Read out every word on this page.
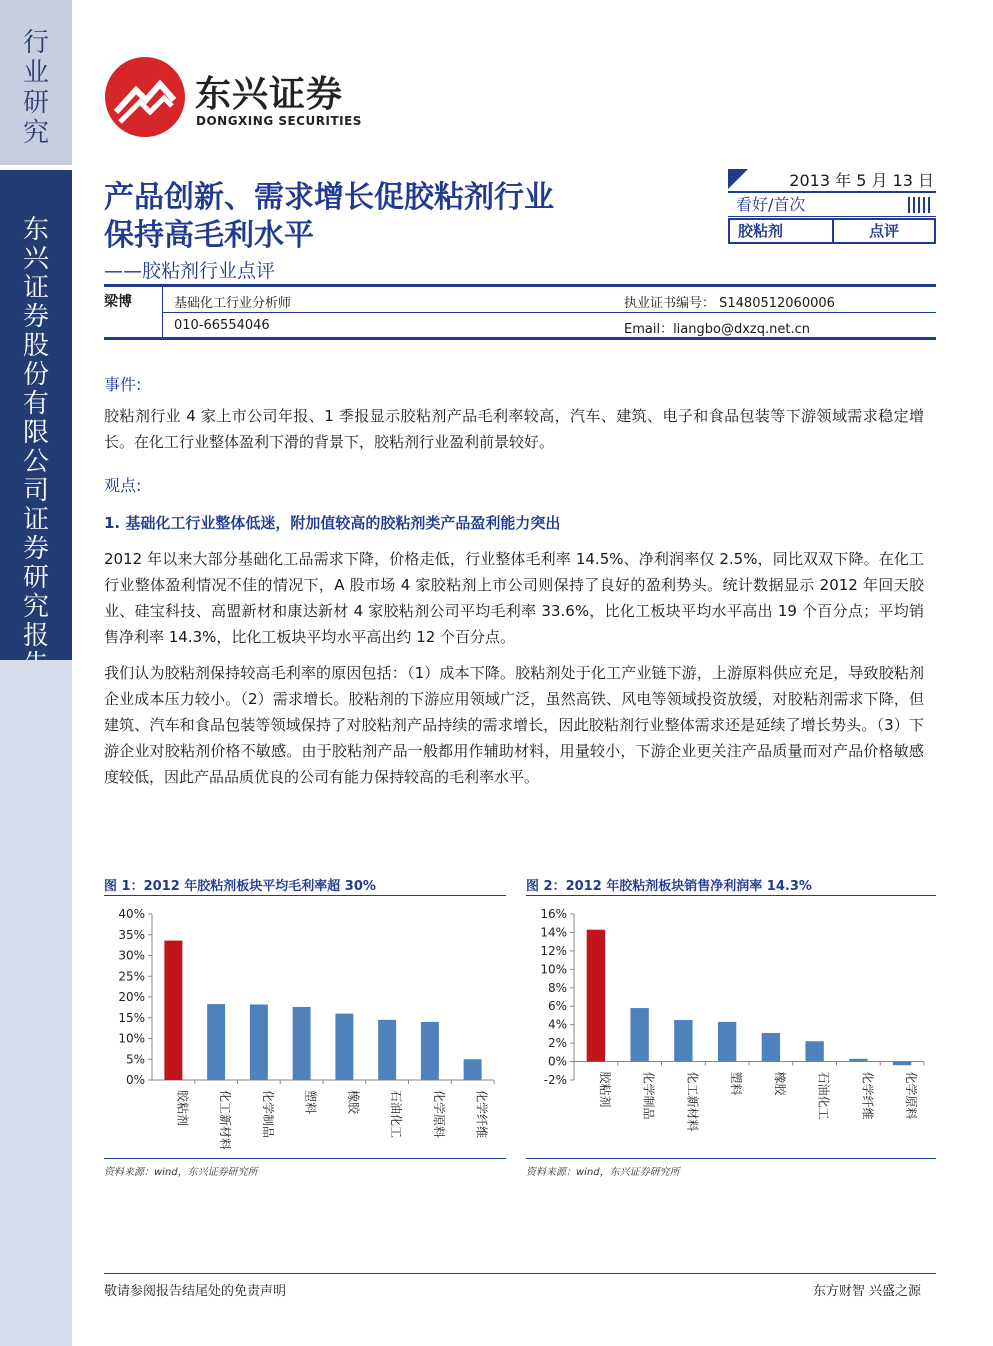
行业研究
东兴证券股份有限公司证券研究报
东兴证券
DONGXING SECURITIES
产品创新、需求增长促胶粘剂行业
保持高毛利水平
——胶粘剂行业点评
2013 年 5 月 13 日
看好/首次
胶粘剂	点评
梁博	基础化工行业分析师	执业证书编号： S1480512060006
010-66554046	Email：liangbo@dxzq.net.cn
事件:
胶粘剂行业 4 家上市公司年报、1 季报显示胶粘剂产品毛利率较高，汽车、建筑、电子和食品包装等下游领域需求稳定增长。在化工行业整体盈利下滑的背景下，胶粘剂行业盈利前景较好。
观点:
1. 基础化工行业整体低迷，附加值较高的胶粘剂类产品盈利能力突出
2012 年以来大部分基础化工品需求下降，价格走低，行业整体毛利率 14.5%、净利润率仅 2.5%，同比双双下降。在化工行业整体盈利情况不佳的情况下，A 股市场 4 家胶粘剂上市公司则保持了良好的盈利势头。统计数据显示 2012 年回天胶业、硅宝科技、高盟新材和康达新材 4 家胶粘剂公司平均毛利率 33.6%，比化工板块平均水平高出 19 个百分点；平均销售净利率 14.3%，比化工板块平均水平高出约 12 个百分点。
我们认为胶粘剂保持较高毛利率的原因包括：（1）成本下降。胶粘剂处于化工产业链下游，上游原料供应充足，导致胶粘剂企业成本压力较小。（2）需求增长。胶粘剂的下游应用领域广泛，虽然高铁、风电等领域投资放缓，对胶粘剂需求下降，但建筑、汽车和食品包装等领域保持了对胶粘剂产品持续的需求增长，因此胶粘剂行业整体需求还是延续了增长势头。（3）下游企业对胶粘剂价格不敏感。由于胶粘剂产品一般都用作辅助材料，用量较小，下游企业更关注产品质量而对产品价格敏感度较低，因此产品品质优良的公司有能力保持较高的毛利率水平。
图 1：2012 年胶粘剂板块平均毛利率超 30%
0%
5%
10%
15%
20%
25%
30%
35%
40%
胶粘剂 化工新材料 化学制品 塑料 橡胶 石油化工 化学原料 化学纤维
资料来源：wind，东兴证券研究所
图 2：2012 年胶粘剂板块销售净利润率 14.3%
-2%
0%
2%
4%
6%
8%
10%
12%
14%
16%
胶粘剂 化学制品 化工新材料 塑料 橡胶 石油化工 化学纤维 化学原料
资料来源：wind，东兴证券研究所
敬请参阅报告结尾处的免责声明	东方财智 兴盛之源
